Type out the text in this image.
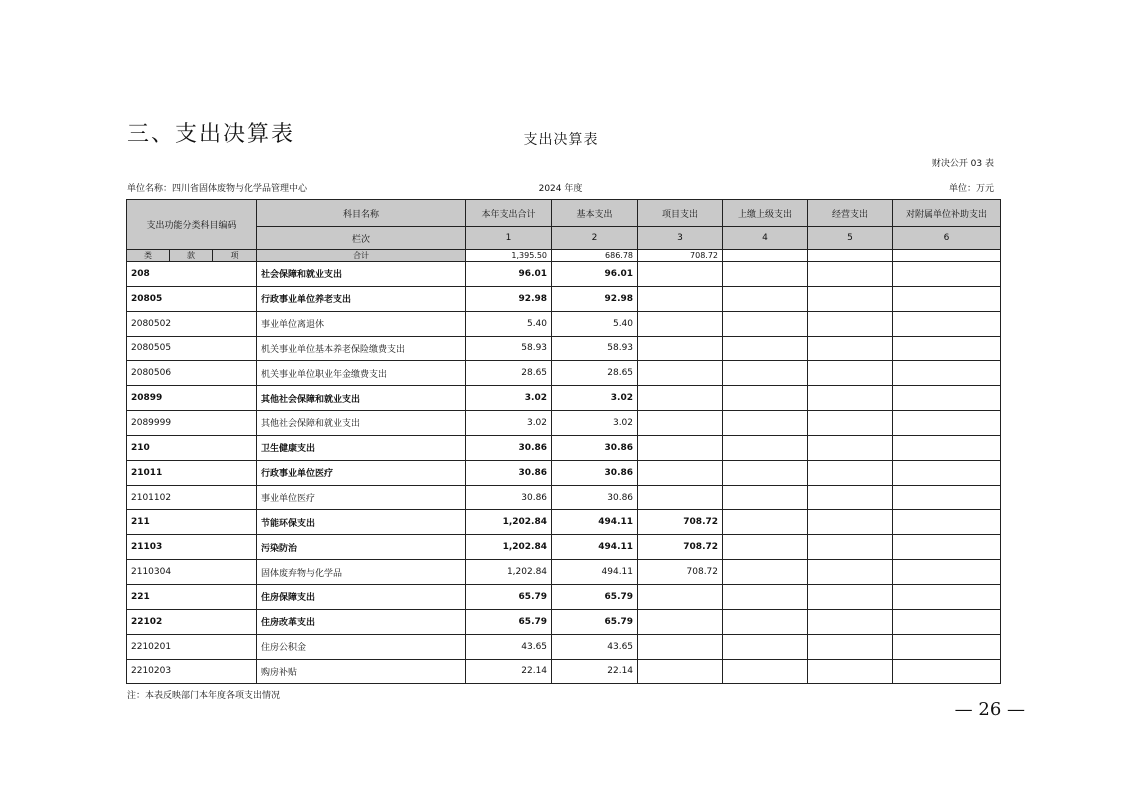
三、支出决算表	支出决算表
财决公开 03 表
单位名称：四川省固体废物与化学品管理中心	2024 年度	单位：万元
支出功能分类科目编码			科目名称	本年支出合计	基本支出	项目支出	上缴上级支出	经营支出	对附属单位补助支出
			栏次	1	2	3	4	5	6
类	款	项	合计	1,395.50	686.78	708.72			
208			社会保障和就业支出	96.01	96.01				
20805			行政事业单位养老支出	92.98	92.98				
2080502			事业单位离退休	5.40	5.40				
2080505			机关事业单位基本养老保险缴费支出	58.93	58.93				
2080506			机关事业单位职业年金缴费支出	28.65	28.65				
20899			其他社会保障和就业支出	3.02	3.02				
2089999			其他社会保障和就业支出	3.02	3.02				
210			卫生健康支出	30.86	30.86				
21011			行政事业单位医疗	30.86	30.86				
2101102			事业单位医疗	30.86	30.86				
211			节能环保支出	1,202.84	494.11	708.72			
21103			污染防治	1,202.84	494.11	708.72			
2110304			固体废弃物与化学品	1,202.84	494.11	708.72			
221			住房保障支出	65.79	65.79				
22102			住房改革支出	65.79	65.79				
2210201			住房公积金	43.65	43.65				
2210203			购房补贴	22.14	22.14				
注：本表反映部门本年度各项支出情况
— 26 —
